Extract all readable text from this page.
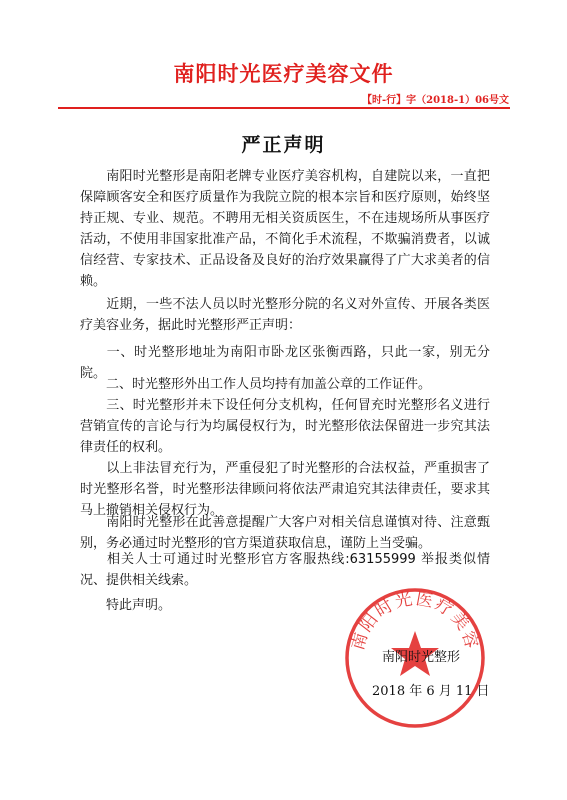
南阳时光医疗美容文件
【时-行】字（2018-1）06号文
严正声明
南阳时光整形是南阳老牌专业医疗美容机构，自建院以来，一直把保障顾客安全和医疗质量作为我院立院的根本宗旨和医疗原则，始终坚持正规、专业、规范。不聘用无相关资质医生，不在违规场所从事医疗活动，不使用非国家批准产品，不简化手术流程，不欺骗消费者，以诚信经营、专家技术、正品设备及良好的治疗效果赢得了广大求美者的信赖。
近期，一些不法人员以时光整形分院的名义对外宣传、开展各类医疗美容业务，据此时光整形严正声明：
一、时光整形地址为南阳市卧龙区张衡西路，只此一家，别无分院。
二、时光整形外出工作人员均持有加盖公章的工作证件。
三、时光整形并未下设任何分支机构，任何冒充时光整形名义进行营销宣传的言论与行为均属侵权行为，时光整形依法保留进一步究其法律责任的权利。
以上非法冒充行为，严重侵犯了时光整形的合法权益，严重损害了时光整形名誉，时光整形法律顾问将依法严肃追究其法律责任，要求其马上撤销相关侵权行为。
南阳时光整形在此善意提醒广大客户对相关信息谨慎对待、注意甄别，务必通过时光整形的官方渠道获取信息，谨防上当受骗。
相关人士可通过时光整形官方客服热线:63155999 举报类似情况、提供相关线索。
特此声明。
南阳时光医疗美容
南阳时光整形
2018 年 6 月 11 日
